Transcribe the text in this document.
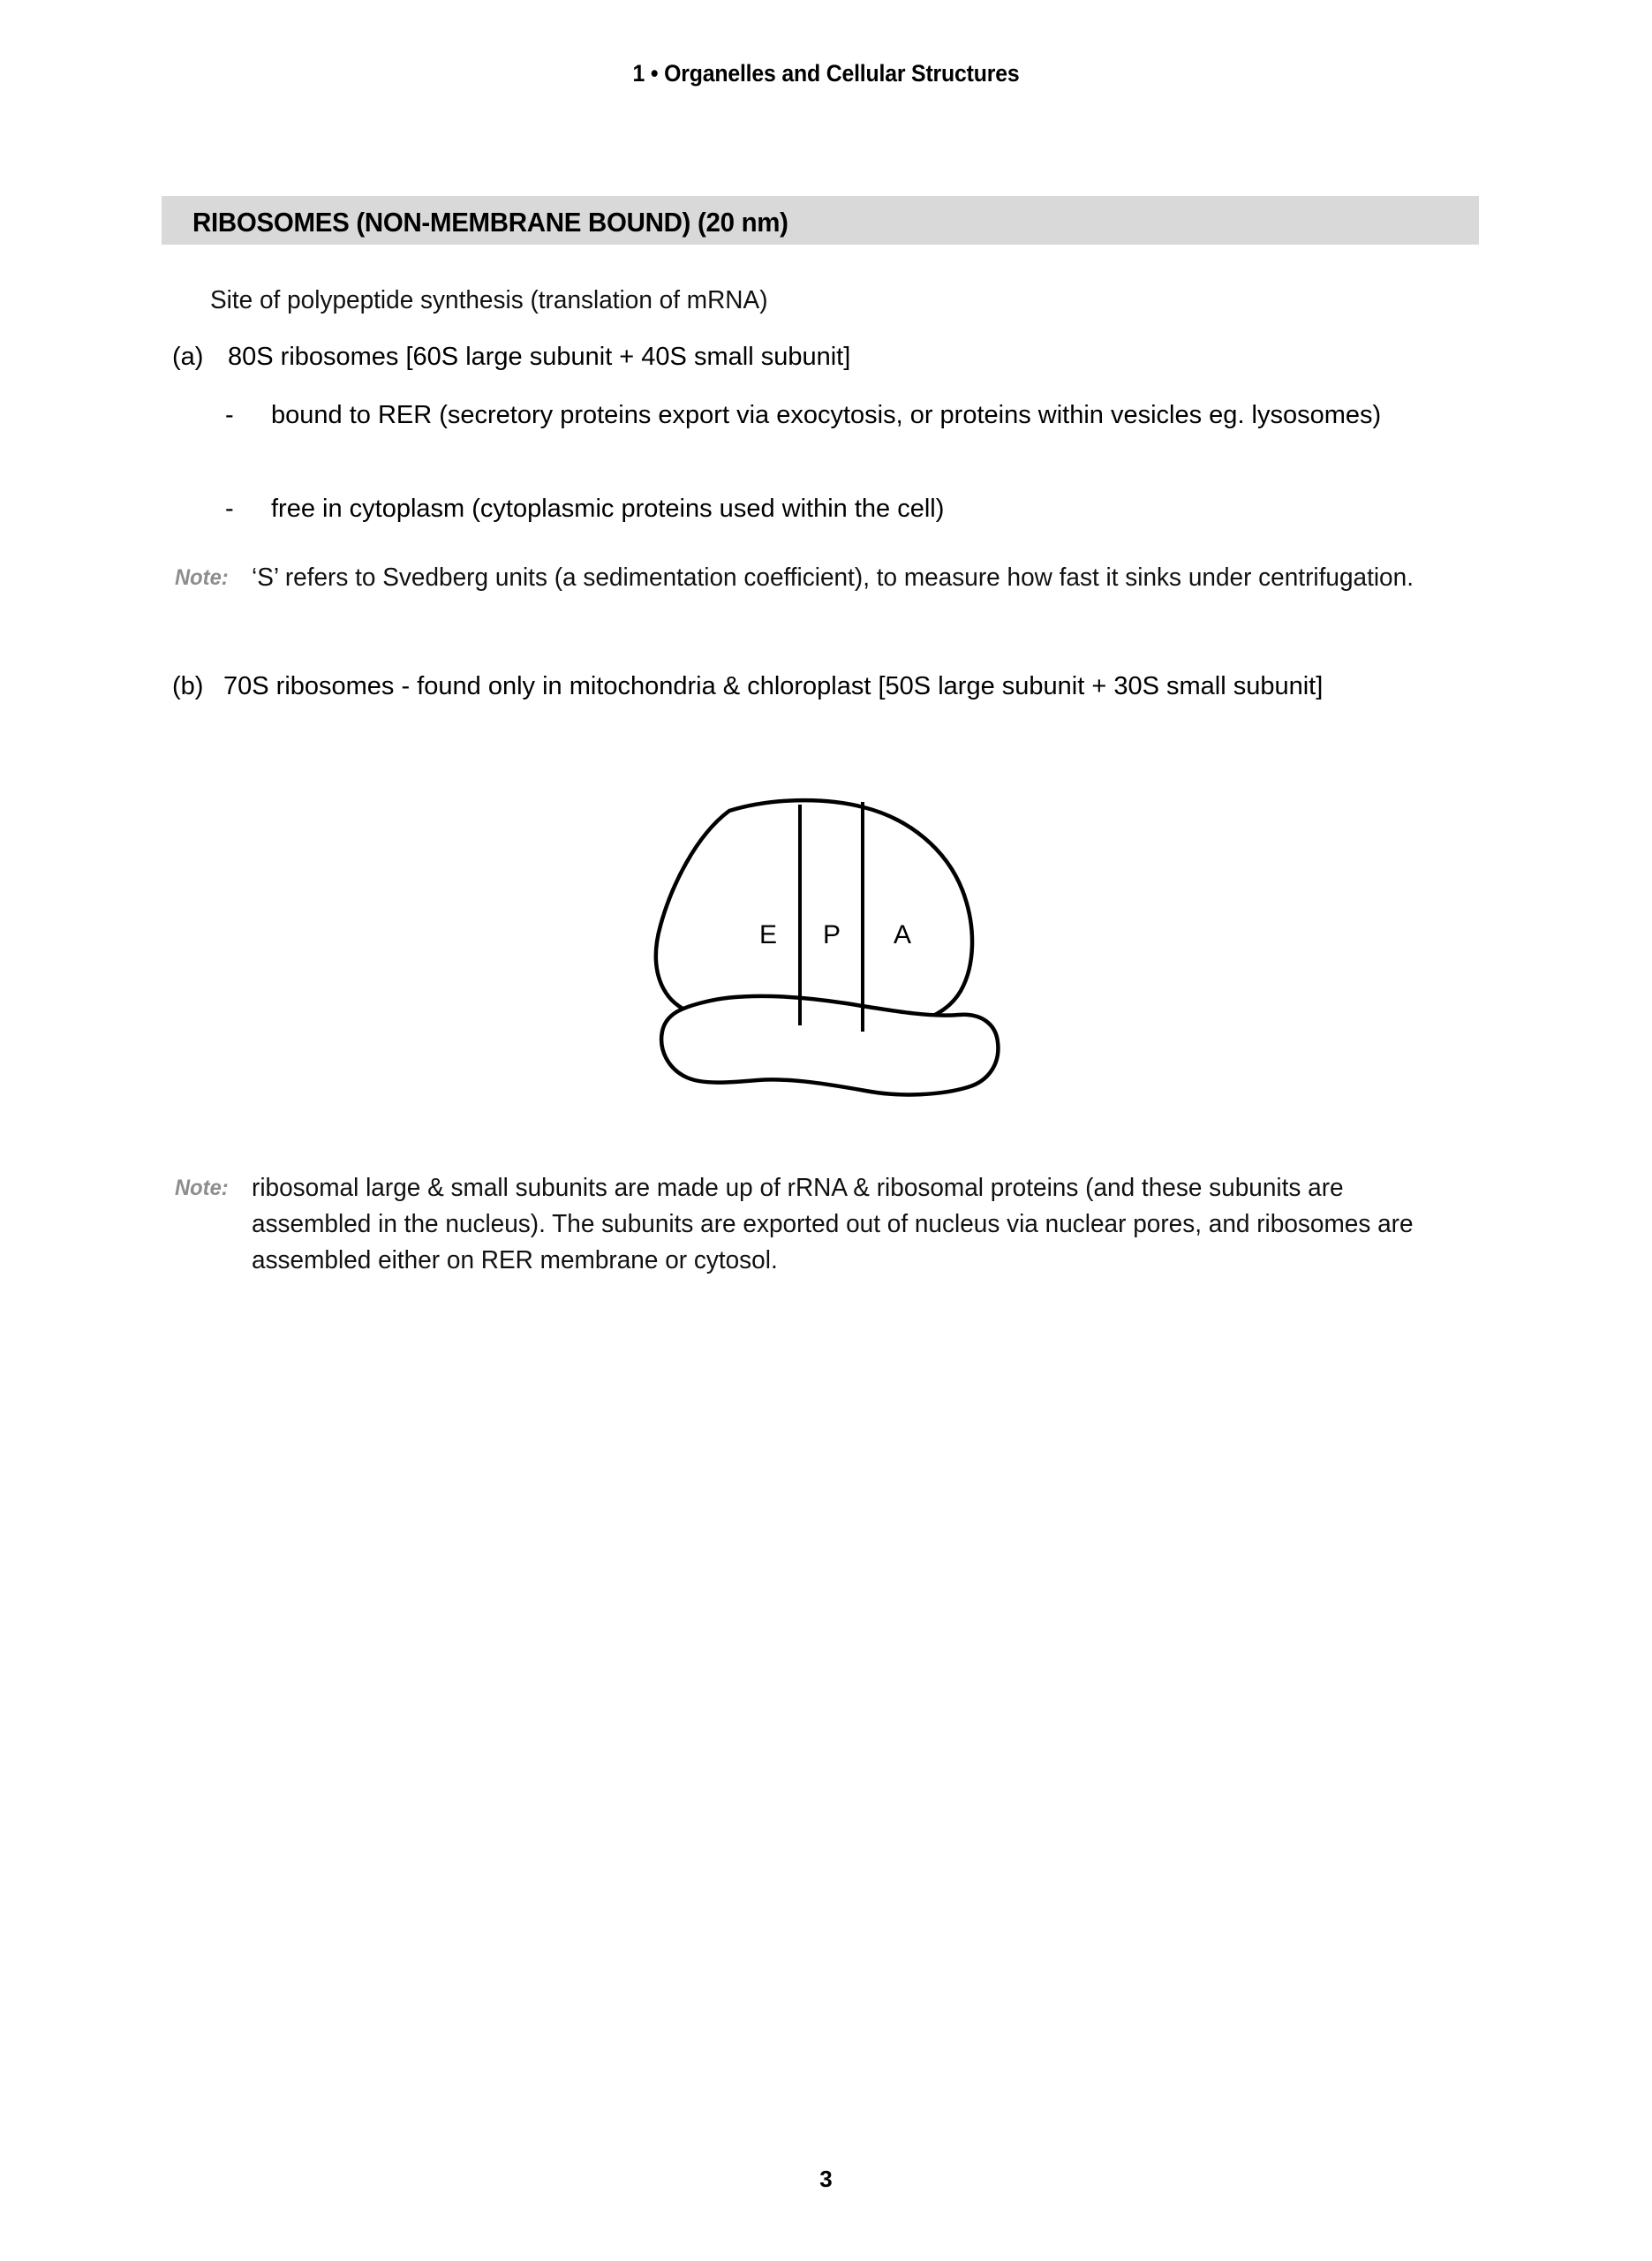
1 • Organelles and Cellular Structures
RIBOSOMES (NON-MEMBRANE BOUND) (20 nm)
Site of polypeptide synthesis (translation of mRNA)
(a) 80S ribosomes [60S large subunit + 40S small subunit]
-	bound to RER (secretory proteins export via exocytosis, or proteins within vesicles eg. lysosomes)
-	free in cytoplasm (cytoplasmic proteins used within the cell)
Note: ‘S’ refers to Svedberg units (a sedimentation coefficient), to measure how fast it sinks under centrifugation.
(b) 70S ribosomes - found only in mitochondria & chloroplast [50S large subunit + 30S small subunit]
E P A
Note: ribosomal large & small subunits are made up of rRNA & ribosomal proteins (and these subunits are assembled in the nucleus). The subunits are exported out of nucleus via nuclear pores, and ribosomes are assembled either on RER membrane or cytosol.
3
